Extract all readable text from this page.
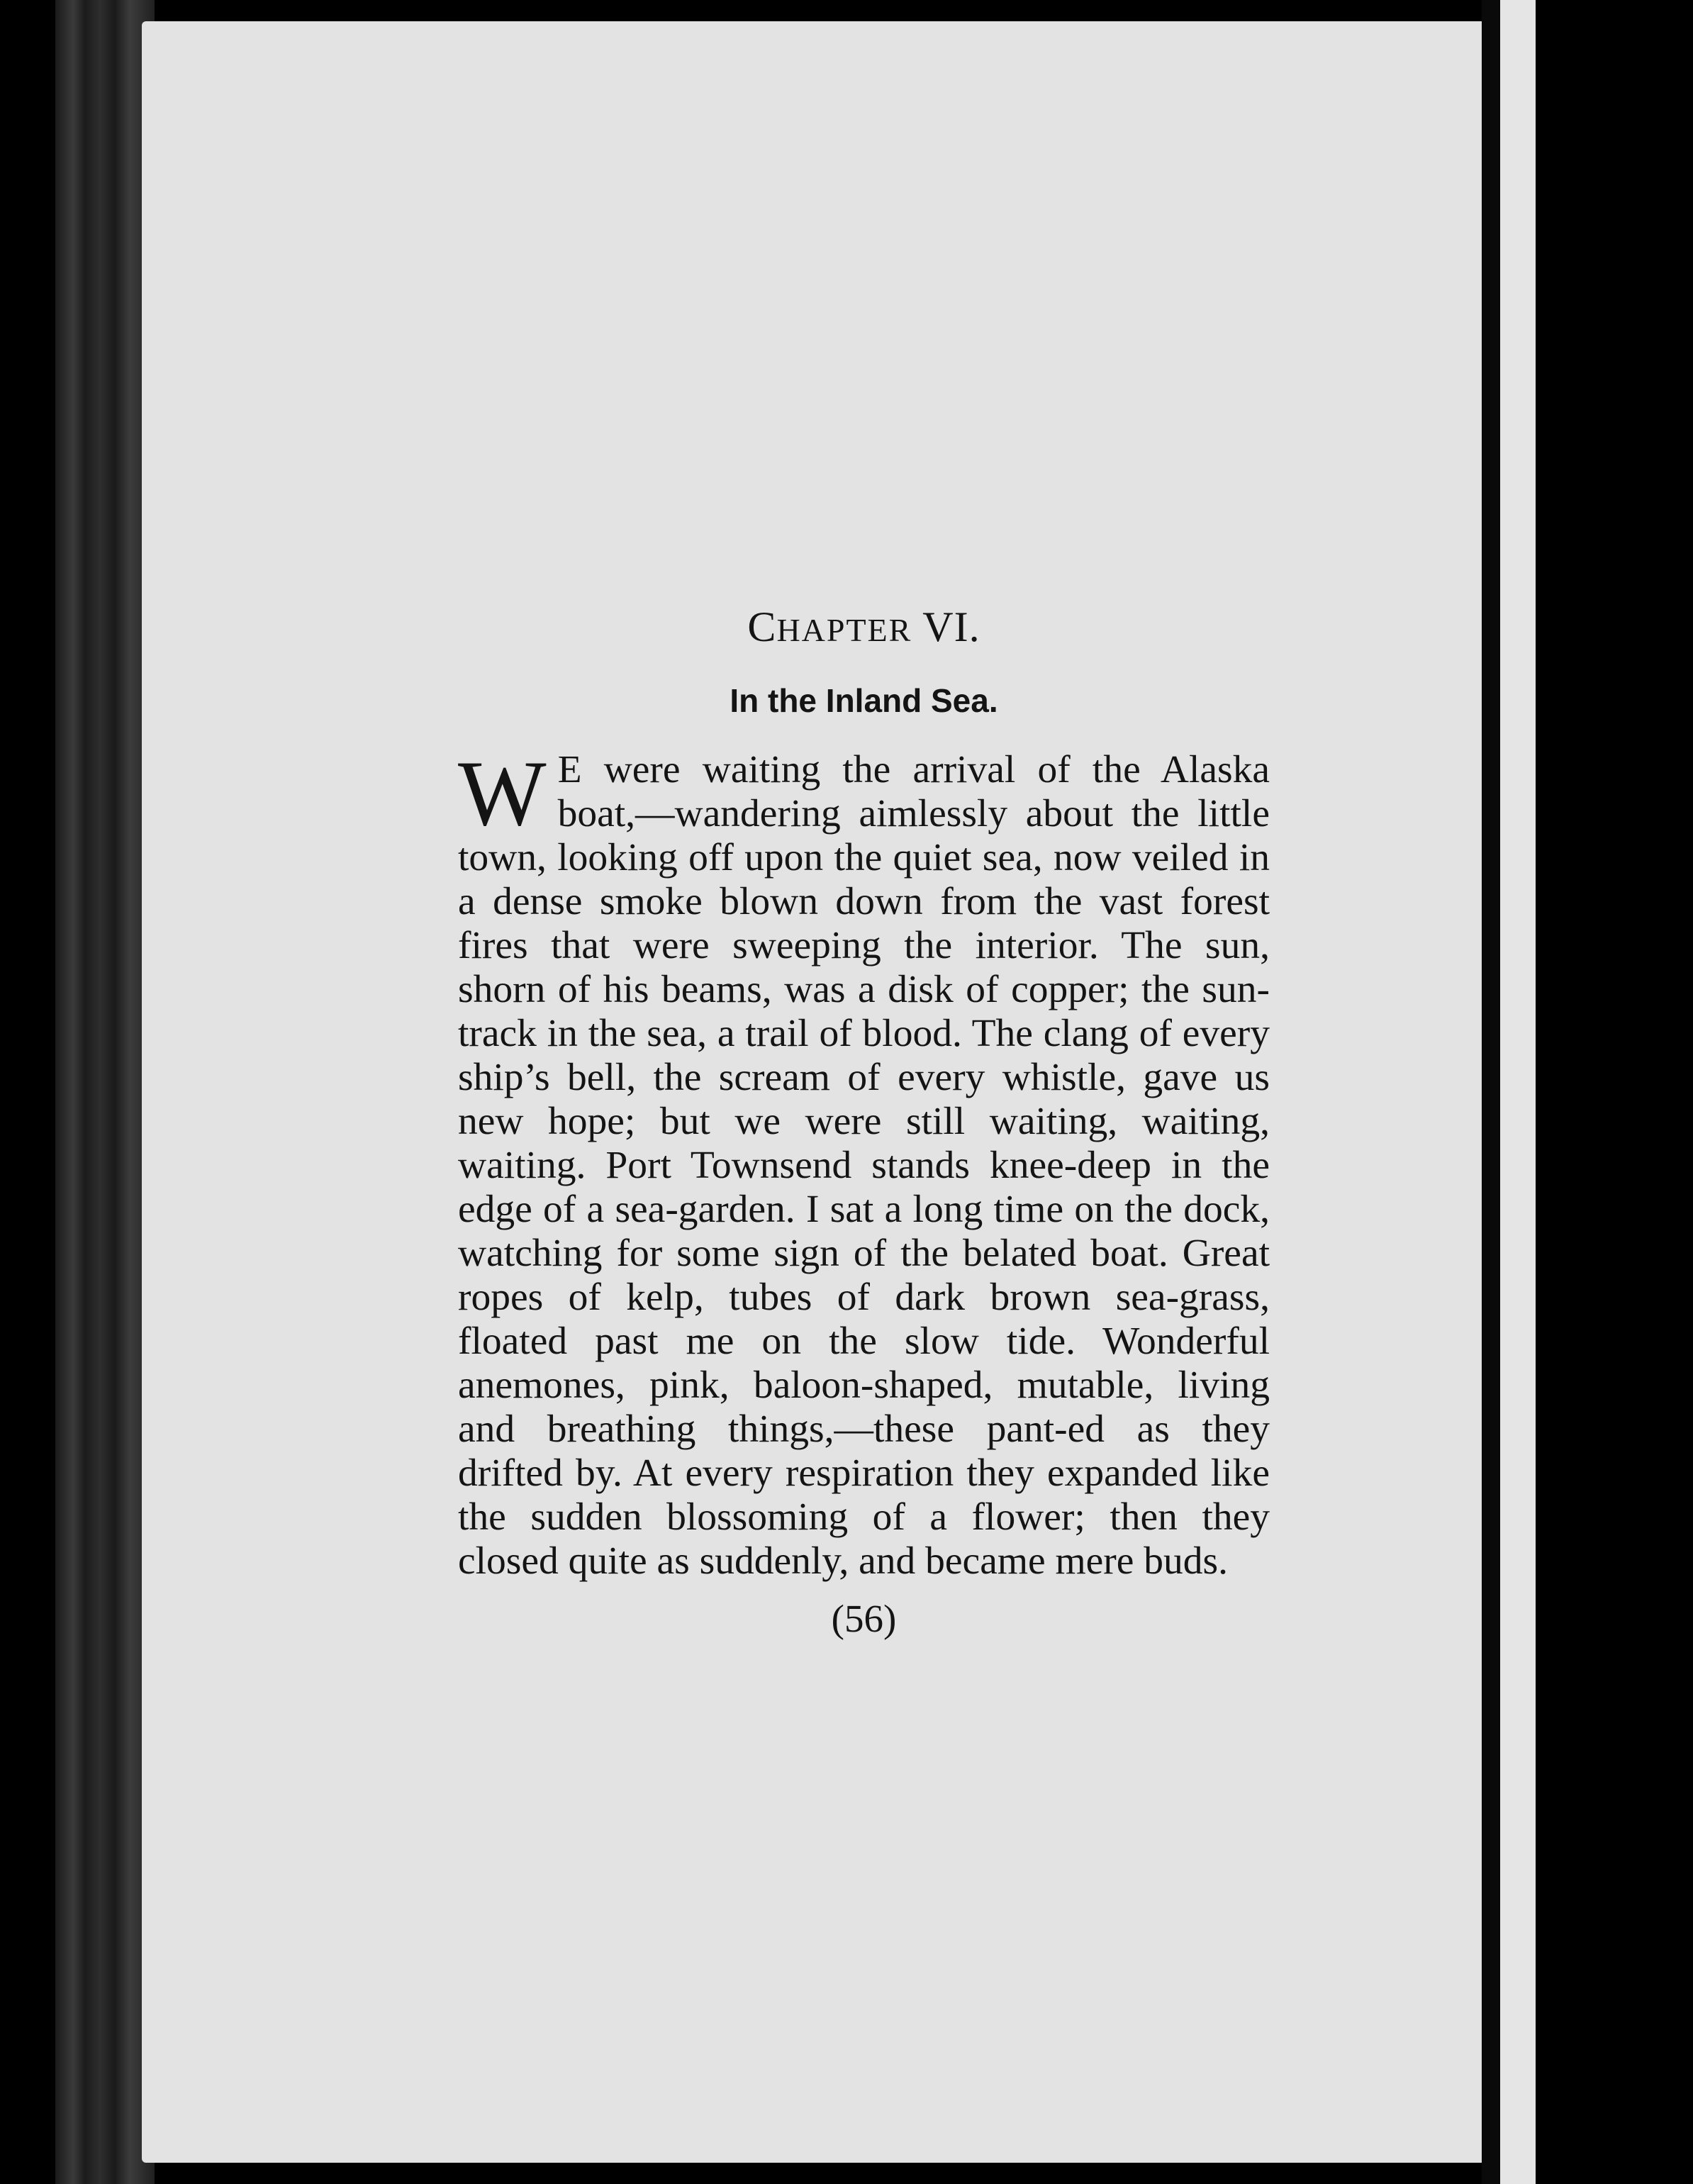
CHAPTER VI.
In the Inland Sea.

W E were waiting the arrival of the Alaska boat,—wandering aimlessly about the little town, looking off upon the quiet sea, now veiled in a dense smoke blown down from the vast forest fires that were sweeping the interior. The sun, shorn of his beams, was a disk of copper; the sun-track in the sea, a trail of blood. The clang of every ship’s bell, the scream of every whistle, gave us new hope; but we were still waiting, waiting, waiting. Port Townsend stands knee-deep in the edge of a sea-garden. I sat a long time on the dock, watching for some sign of the belated boat. Great ropes of kelp, tubes of dark brown sea-grass, floated past me on the slow tide. Wonderful anemones, pink, baloon-shaped, mutable, living and breathing things,—these pant-ed as they drifted by. At every respiration they expanded like the sudden blossoming of a flower; then they closed quite as suddenly, and became mere buds.

(56)
